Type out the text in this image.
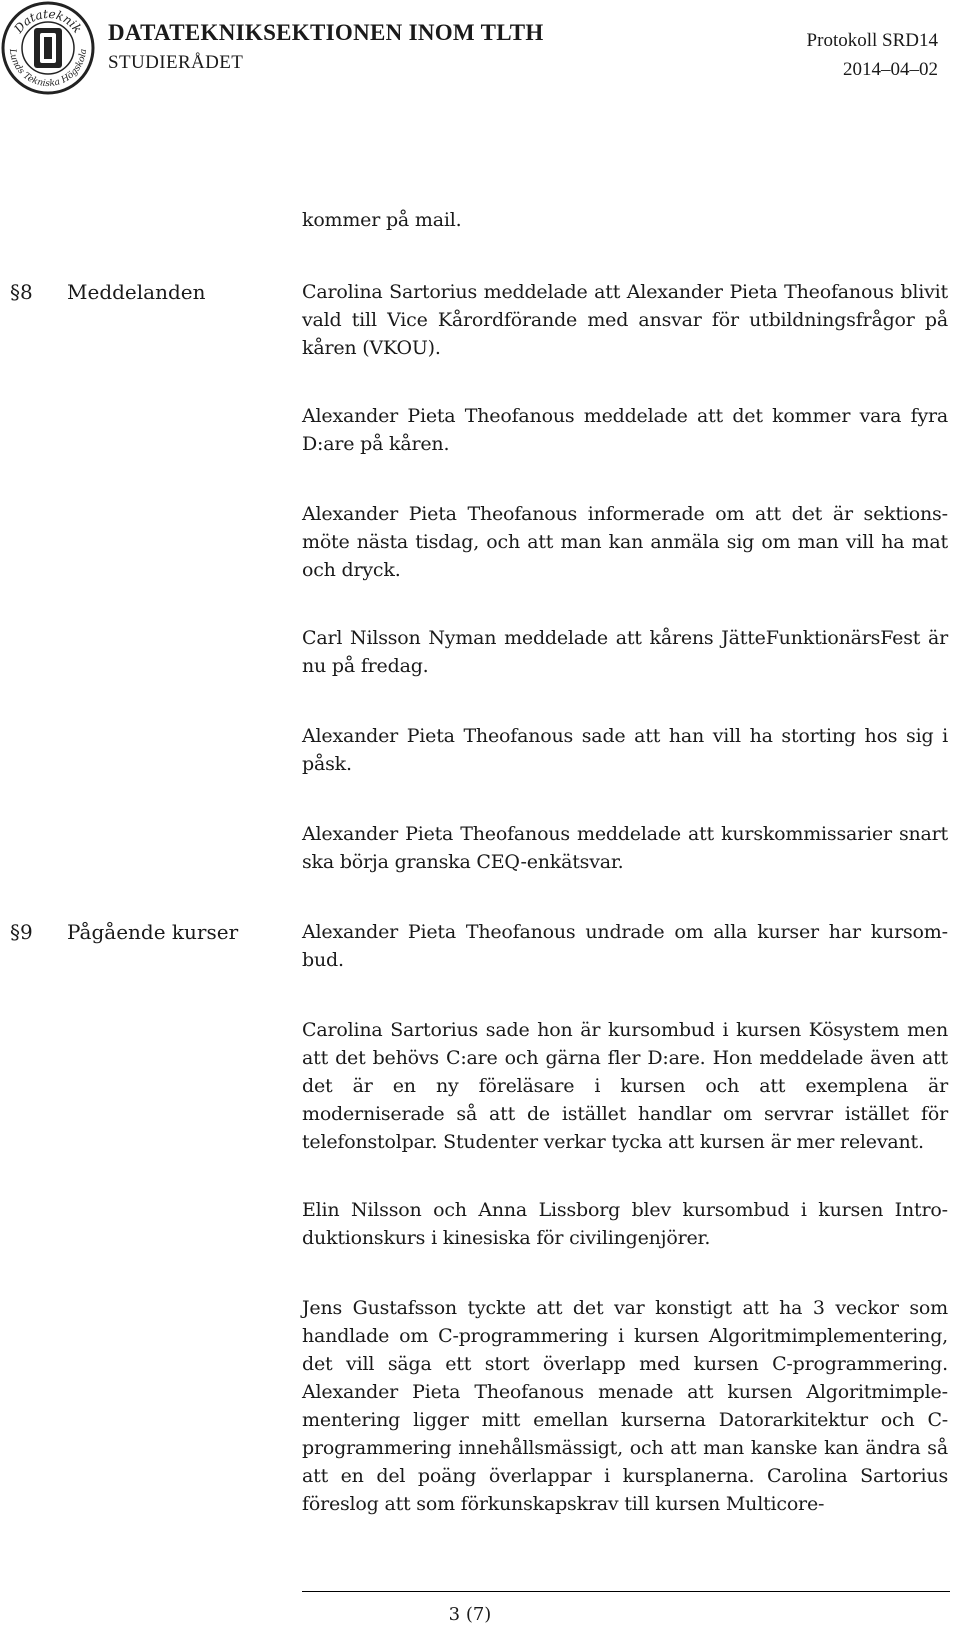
Datateknik
Lunds Tekniska Högskola
DATATEKNIKSEKTIONEN INOM TLTH
STUDIERÅDET
Protokoll SRD14
2014–04–02
kommer på mail.
§8 Meddelanden	Carolina Sartorius meddelade att Alexander Pieta Theofanous blivit vald till Vice Kårordförande med ansvar för utbildningsfrågor på kåren (VKOU).
Alexander Pieta Theofanous meddelade att det kommer vara fyra D:are på kåren.
Alexander Pieta Theofanous informerade om att det är sektionsmöte nästa tisdag, och att man kan anmäla sig om man vill ha mat och dryck.
Carl Nilsson Nyman meddelade att kårens JätteFunktionärsFest är nu på fredag.
Alexander Pieta Theofanous sade att han vill ha storting hos sig i påsk.
Alexander Pieta Theofanous meddelade att kurskommissarier snart ska börja granska CEQ-enkätsvar.
§9 Pågående kurser	Alexander Pieta Theofanous undrade om alla kurser har kursombud.
Carolina Sartorius sade hon är kursombud i kursen Kösystem men att det behövs C:are och gärna fler D:are. Hon meddelade även att det är en ny föreläsare i kursen och att exemplena är moderniserade så att de istället handlar om servrar istället för telefonstolpar. Studenter verkar tycka att kursen är mer relevant.
Elin Nilsson och Anna Lissborg blev kursombud i kursen Introduktionskurs i kinesiska för civilingenjörer.
Jens Gustafsson tyckte att det var konstigt att ha 3 veckor som handlade om C-programmering i kursen Algoritmimplementering, det vill säga ett stort överlapp med kursen C-programmering. Alexander Pieta Theofanous menade att kursen Algoritmimplementering ligger mitt emellan kurserna Datorarkitektur och C-programmering innehållsmässigt, och att man kanske kan ändra så att en del poäng överlappar i kursplanerna. Carolina Sartorius föreslog att som förkunskapskrav till kursen Multicore-
3 (7)
